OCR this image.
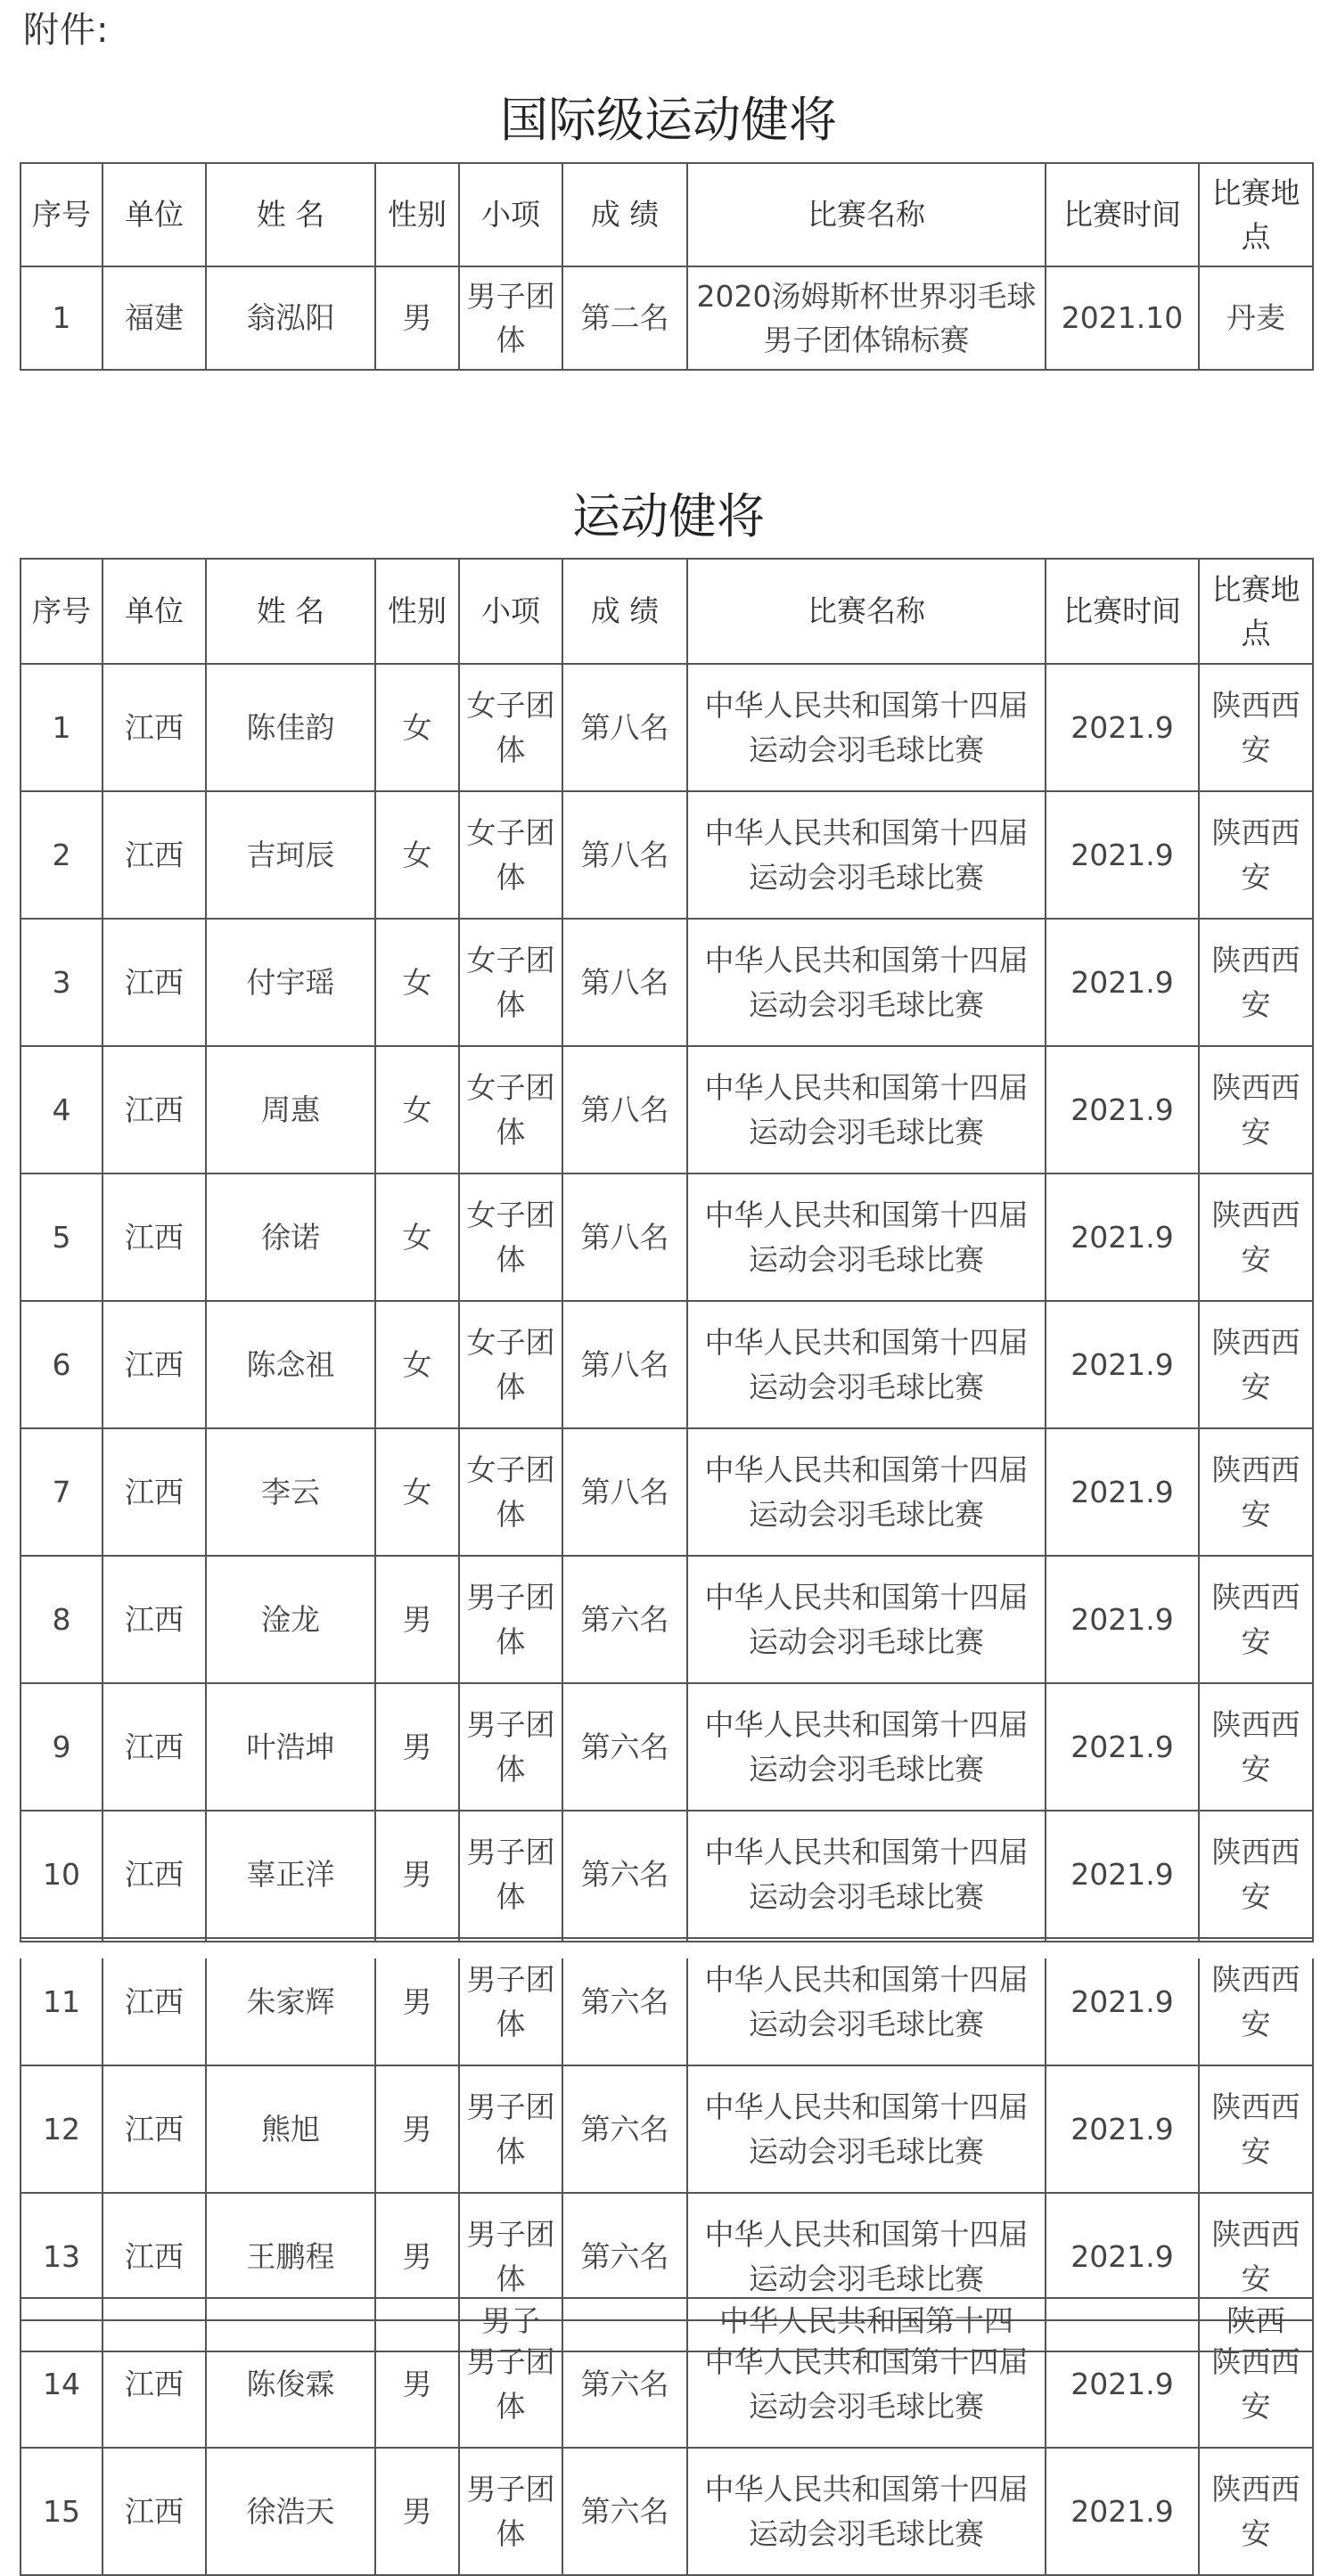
附件:
国际级运动健将
序号	单位	姓 名	性别	小项	成 绩	比赛名称	比赛时间	比赛地点
1	福建	翁泓阳	男	男子团体	第二名	2020汤姆斯杯世界羽毛球男子团体锦标赛	2021.10	丹麦
运动健将
序号	单位	姓 名	性别	小项	成 绩	比赛名称	比赛时间	比赛地点
1	江西	陈佳韵	女	女子团体	第八名	中华人民共和国第十四届运动会羽毛球比赛	2021.9	陕西西安
2	江西	吉珂辰	女	女子团体	第八名	中华人民共和国第十四届运动会羽毛球比赛	2021.9	陕西西安
3	江西	付宇瑶	女	女子团体	第八名	中华人民共和国第十四届运动会羽毛球比赛	2021.9	陕西西安
4	江西	周惠	女	女子团体	第八名	中华人民共和国第十四届运动会羽毛球比赛	2021.9	陕西西安
5	江西	徐诺	女	女子团体	第八名	中华人民共和国第十四届运动会羽毛球比赛	2021.9	陕西西安
6	江西	陈念祖	女	女子团体	第八名	中华人民共和国第十四届运动会羽毛球比赛	2021.9	陕西西安
7	江西	李云	女	女子团体	第八名	中华人民共和国第十四届运动会羽毛球比赛	2021.9	陕西西安
8	江西	淦龙	男	男子团体	第六名	中华人民共和国第十四届运动会羽毛球比赛	2021.9	陕西西安
9	江西	叶浩坤	男	男子团体	第六名	中华人民共和国第十四届运动会羽毛球比赛	2021.9	陕西西安
10	江西	辜正洋	男	男子团体	第六名	中华人民共和国第十四届运动会羽毛球比赛	2021.9	陕西西安
11	江西	朱家辉	男	男子团体	第六名	中华人民共和国第十四届运动会羽毛球比赛	2021.9	陕西西安
12	江西	熊旭	男	男子团体	第六名	中华人民共和国第十四届运动会羽毛球比赛	2021.9	陕西西安
13	江西	王鹏程	男	男子团体	第六名	中华人民共和国第十四届运动会羽毛球比赛	2021.9	陕西西安
14	江西	陈俊霖	男	男子团体	第六名	中华人民共和国第十四届运动会羽毛球比赛	2021.9	陕西西安
15	江西	徐浩天	男	男子团体	第六名	中华人民共和国第十四届运动会羽毛球比赛	2021.9	陕西西安
				男子		中华人民共和国第十四		陕西
